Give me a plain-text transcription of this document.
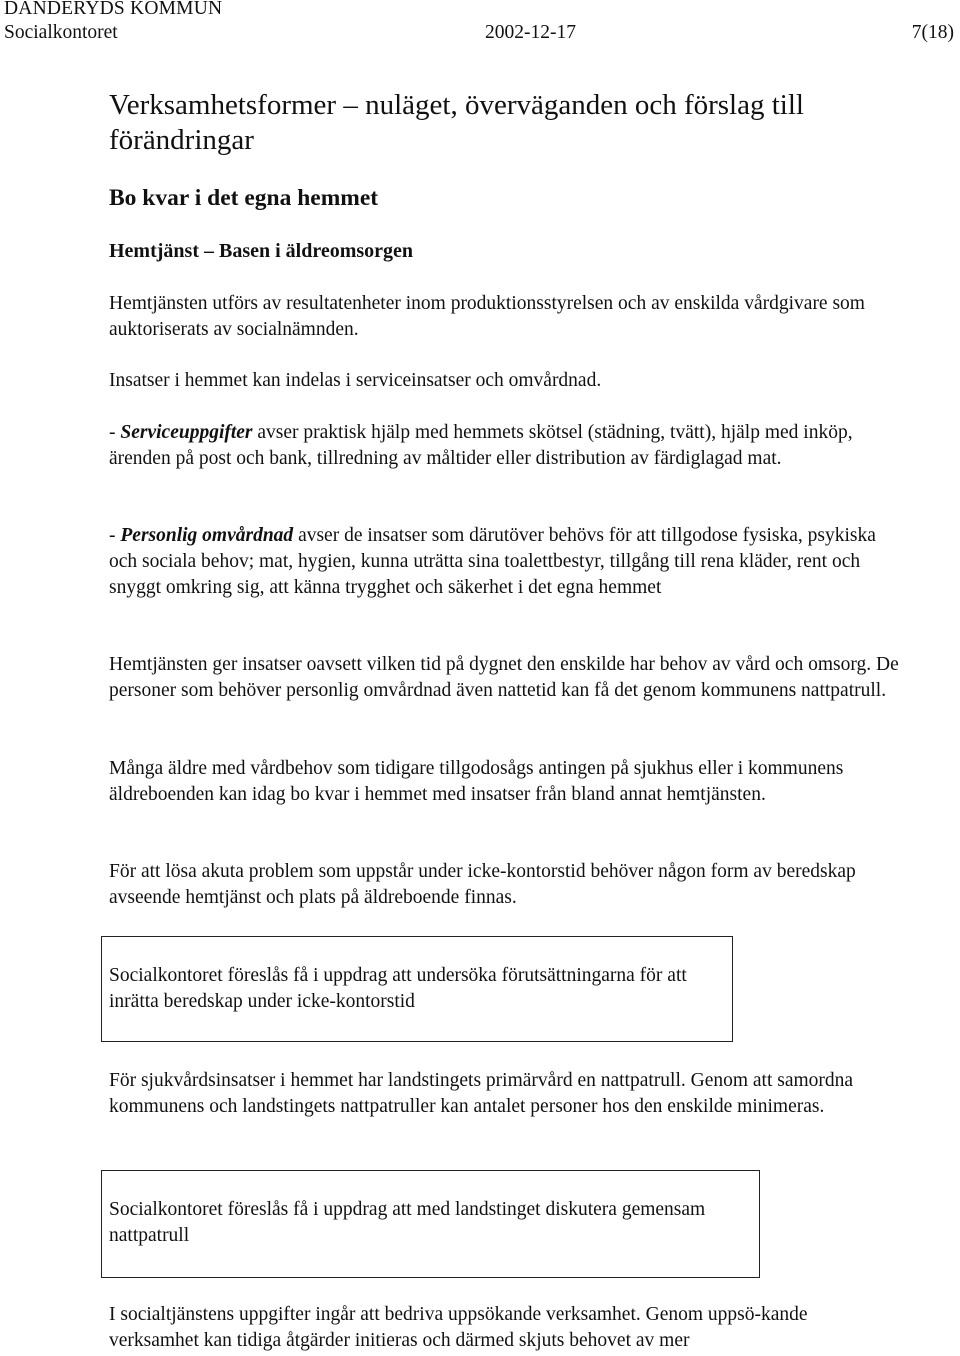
DANDERYDS KOMMUN
Socialkontoret	2002-12-17	7(18)
Verksamhetsformer – nuläget, överväganden och förslag till förändringar
Bo kvar i det egna hemmet
Hemtjänst – Basen i äldreomsorgen

Hemtjänsten utförs av resultatenheter inom produktionsstyrelsen och av enskilda vårdgivare som auktoriserats av socialnämnden.

Insatser i hemmet kan indelas i serviceinsatser och omvårdnad.

- Serviceuppgifter avser praktisk hjälp med hemmets skötsel (städning, tvätt), hjälp med inköp, ärenden på post och bank, tillredning av måltider eller distribution av färdiglagad mat.

- Personlig omvårdnad avser de insatser som därutöver behövs för att tillgodose fysiska, psykiska och sociala behov; mat, hygien, kunna uträtta sina toalettbestyr, tillgång till rena kläder, rent och snyggt omkring sig, att känna trygghet och säkerhet i det egna hemmet

Hemtjänsten ger insatser oavsett vilken tid på dygnet den enskilde har behov av vård och omsorg. De personer som behöver personlig omvårdnad även nattetid kan få det genom kommunens nattpatrull.

Många äldre med vårdbehov som tidigare tillgodosågs antingen på sjukhus eller i kommunens äldreboenden kan idag bo kvar i hemmet med insatser från bland annat hemtjänsten.

För att lösa akuta problem som uppstår under icke-kontorstid behöver någon form av beredskap avseende hemtjänst och plats på äldreboende finnas.

För sjukvårdsinsatser i hemmet har landstingets primärvård en nattpatrull. Genom att samordna kommunens och landstingets nattpatruller kan antalet personer hos den enskilde minimeras.

I socialtjänstens uppgifter ingår att bedriva uppsökande verksamhet. Genom uppsö-kande verksamhet kan tidiga åtgärder initieras och därmed skjuts behovet av mer

Socialkontoret föreslås få i uppdrag att undersöka förutsättningarna för att inrätta beredskap under icke-kontorstid

Socialkontoret föreslås få i uppdrag att med landstinget diskutera gemensam nattpatrull
